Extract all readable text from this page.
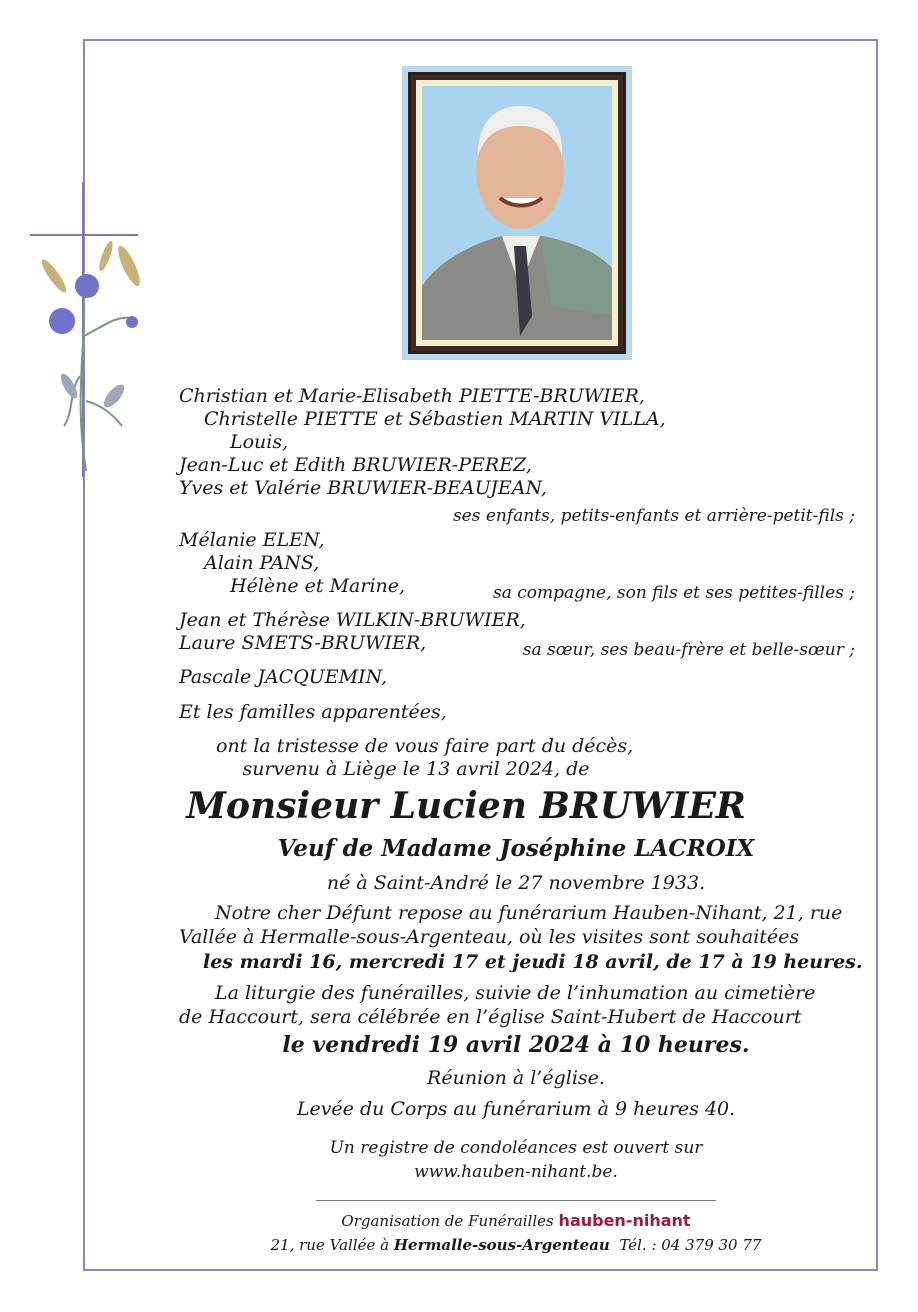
Christian et Marie-Elisabeth PIETTE-BRUWIER,
Christelle PIETTE et Sébastien MARTIN VILLA,
Louis,
Jean-Luc et Edith BRUWIER-PEREZ,
Yves et Valérie BRUWIER-BEAUJEAN,
ses enfants, petits-enfants et arrière-petit-fils ;
Mélanie ELEN,
Alain PANS,
Hélène et Marine,	sa compagne, son fils et ses petites-filles ;
Jean et Thérèse WILKIN-BRUWIER,
Laure SMETS-BRUWIER,	sa sœur, ses beau-frère et belle-sœur ;
Pascale JACQUEMIN,
Et les familles apparentées,
ont la tristesse de vous faire part du décès,
survenu à Liège le 13 avril 2024, de
Monsieur Lucien BRUWIER
Veuf de Madame Joséphine LACROIX
né à Saint-André le 27 novembre 1933.
Notre cher Défunt repose au funérarium Hauben-Nihant, 21, rue
Vallée à Hermalle-sous-Argenteau, où les visites sont souhaitées
les mardi 16, mercredi 17 et jeudi 18 avril, de 17 à 19 heures.
La liturgie des funérailles, suivie de l’inhumation au cimetière
de Haccourt, sera célébrée en l’église Saint-Hubert de Haccourt
le vendredi 19 avril 2024 à 10 heures.
Réunion à l’église.
Levée du Corps au funérarium à 9 heures 40.
Un registre de condoléances est ouvert sur
www.hauben-nihant.be.
Organisation de Funérailles hauben-nihant
21, rue Vallée à Hermalle-sous-Argenteau Tél. : 04 379 30 77
